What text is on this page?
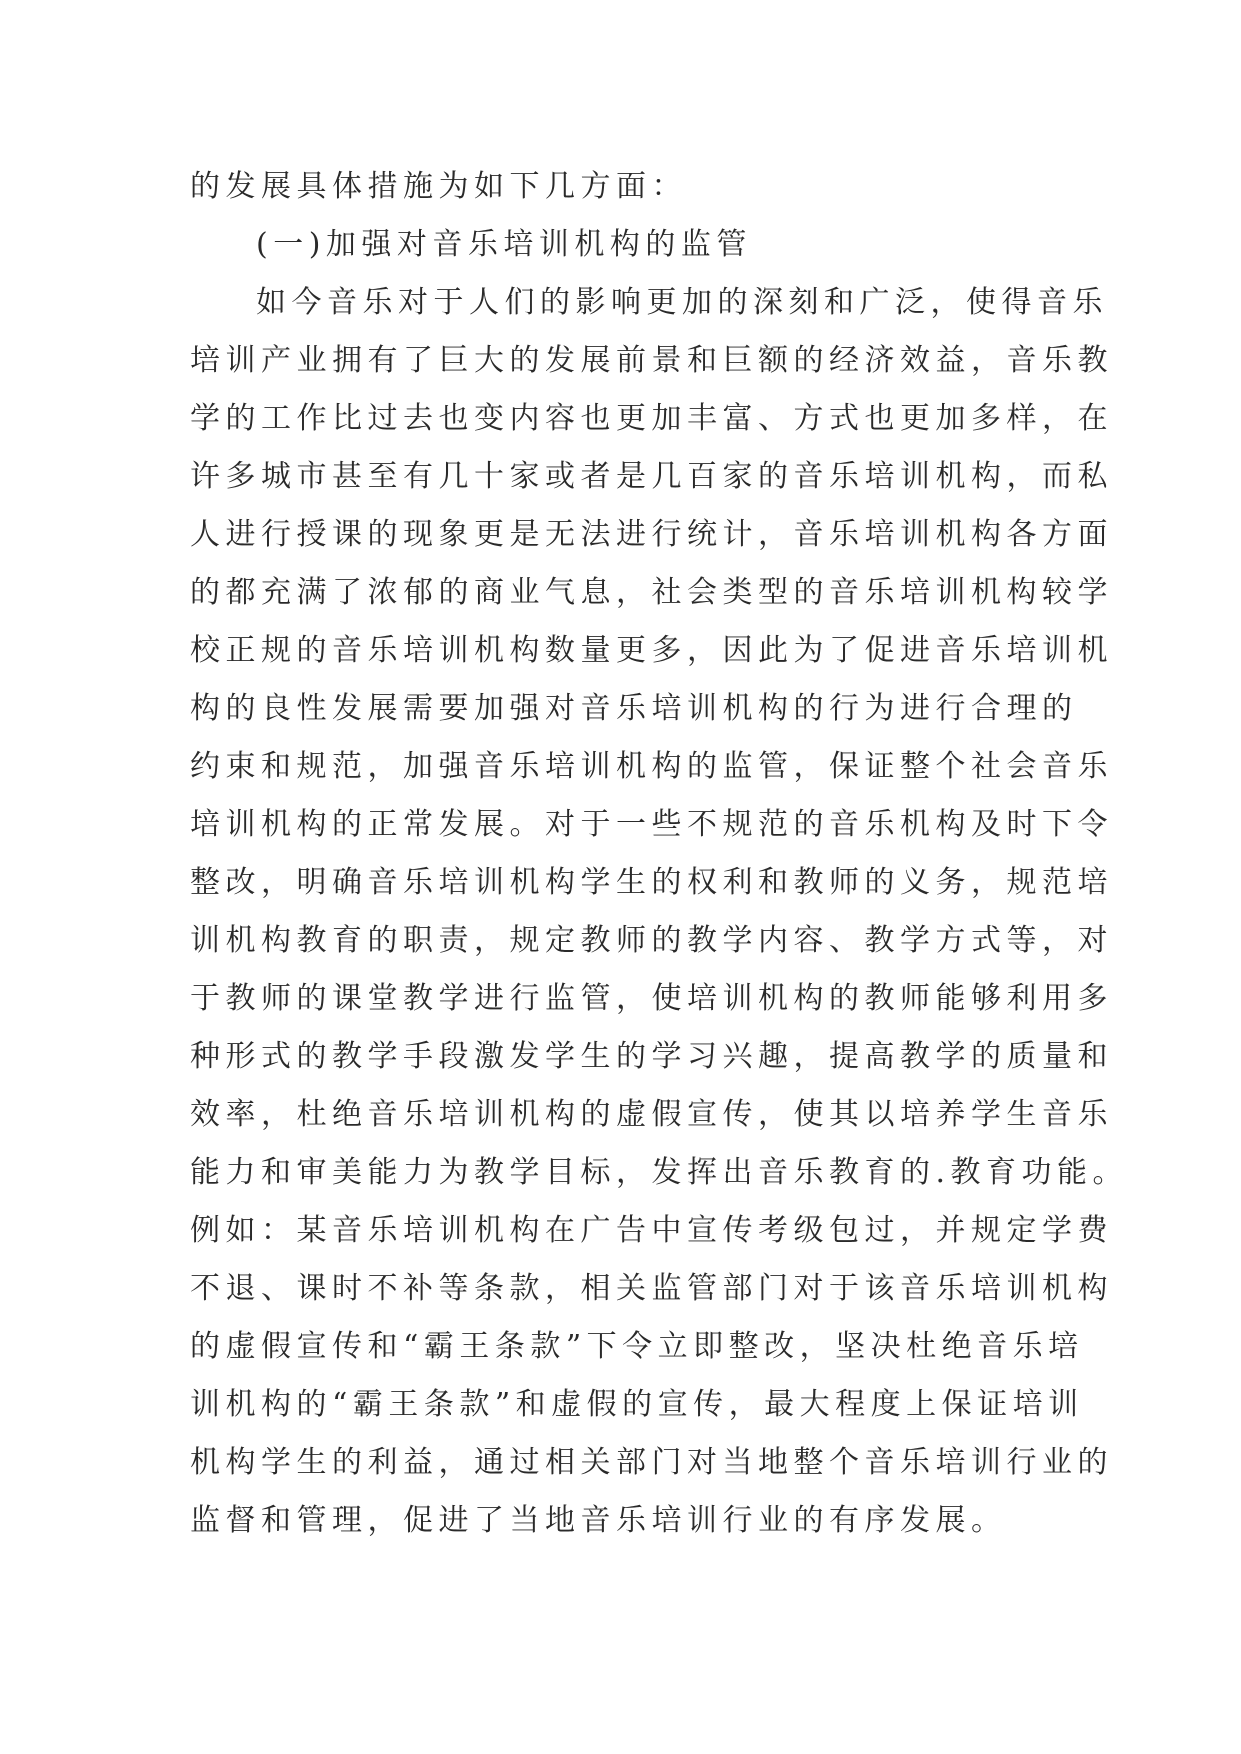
的发展具体措施为如下几方面：
(一)加强对音乐培训机构的监管
如今音乐对于人们的影响更加的深刻和广泛，使得音乐
培训产业拥有了巨大的发展前景和巨额的经济效益，音乐教
学的工作比过去也变内容也更加丰富、方式也更加多样，在
许多城市甚至有几十家或者是几百家的音乐培训机构，而私
人进行授课的现象更是无法进行统计，音乐培训机构各方面
的都充满了浓郁的商业气息，社会类型的音乐培训机构较学
校正规的音乐培训机构数量更多，因此为了促进音乐培训机
构的良性发展需要加强对音乐培训机构的行为进行合理的
约束和规范，加强音乐培训机构的监管，保证整个社会音乐
培训机构的正常发展。对于一些不规范的音乐机构及时下令
整改，明确音乐培训机构学生的权利和教师的义务，规范培
训机构教育的职责，规定教师的教学内容、教学方式等，对
于教师的课堂教学进行监管，使培训机构的教师能够利用多
种形式的教学手段激发学生的学习兴趣，提高教学的质量和
效率，杜绝音乐培训机构的虚假宣传，使其以培养学生音乐
能力和审美能力为教学目标，发挥出音乐教育的.教育功能。
例如：某音乐培训机构在广告中宣传考级包过，并规定学费
不退、课时不补等条款，相关监管部门对于该音乐培训机构
的虚假宣传和“霸王条款”下令立即整改，坚决杜绝音乐培
训机构的“霸王条款”和虚假的宣传，最大程度上保证培训
机构学生的利益，通过相关部门对当地整个音乐培训行业的
监督和管理，促进了当地音乐培训行业的有序发展。
